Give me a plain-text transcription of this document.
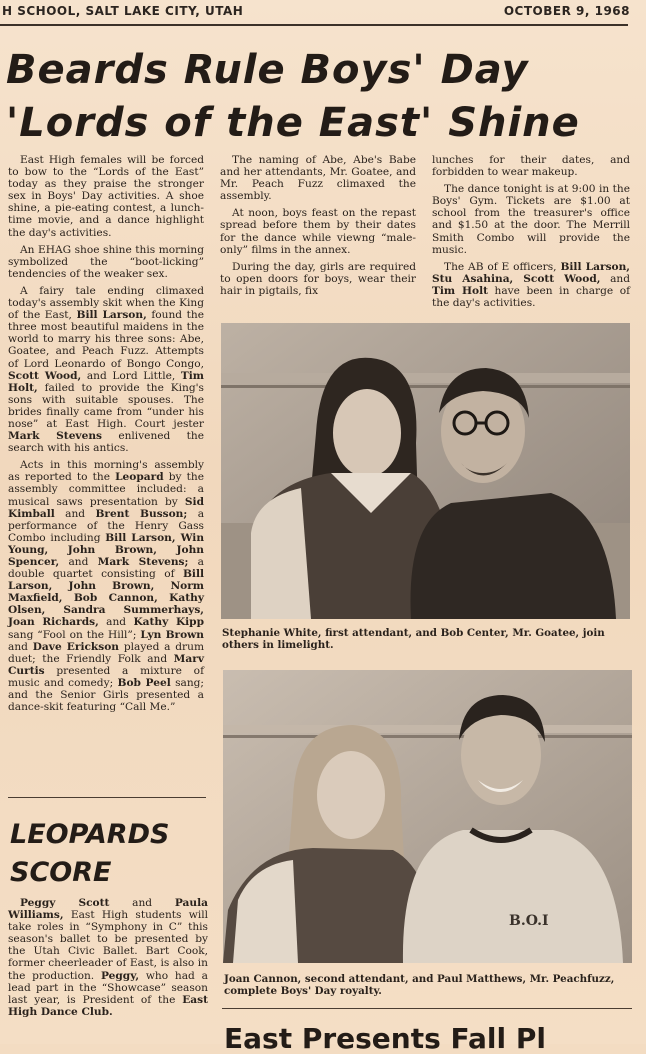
H SCHOOL, SALT LAKE CITY, UTAH	OCTOBER 9, 1968
Beards Rule Boys' Day
'Lords of the East' Shine

East High females will be forced to bow to the “Lords of the East” today as they praise the stronger sex in Boys' Day activities. A shoe shine, a pie-eating contest, a lunch-time movie, and a dance highlight the day's activities.

An EHAG shoe shine this morning symbolized the “boot-licking” tendencies of the weaker sex.

A fairy tale ending climaxed today's assembly skit when the King of the East, Bill Larson, found the three most beautiful maidens in the world to marry his three sons: Abe, Goatee, and Peach Fuzz. Attempts of Lord Leonardo of Bongo Congo, Scott Wood, and Lord Little, Tim Holt, failed to provide the King's sons with suitable spouses. The brides finally came from “under his nose” at East High. Court jester Mark Stevens enlivened the search with his antics.

Acts in this morning's assembly as reported to the Leopard by the assembly committee included: a musical saws presentation by Sid Kimball and Brent Busson; a performance of the Henry Gass Combo including Bill Larson, Win Young, John Brown, John Spencer, and Mark Stevens; a double quartet consisting of Bill Larson, John Brown, Norm Maxfield, Bob Cannon, Kathy Olsen, Sandra Summerhays, Joan Richards, and Kathy Kipp sang “Fool on the Hill”; Lyn Brown and Dave Erickson played a drum duet; the Friendly Folk and Marv Curtis presented a mixture of music and comedy; Bob Peel sang; and the Senior Girls presented a dance-skit featuring “Call Me.”

The naming of Abe, Abe's Babe and her attendants, Mr. Goatee, and Mr. Peach Fuzz climaxed the assembly.

At noon, boys feast on the repast spread before them by their dates for the dance while viewng “male-only” films in the annex.

During the day, girls are required to open doors for boys, wear their hair in pigtails, fix

lunches for their dates, and forbidden to wear makeup.

The dance tonight is at 9:00 in the Boys' Gym. Tickets are $1.00 at school from the treasurer's office and $1.50 at the door. The Merrill Smith Combo will provide the music.

The AB of E officers, Bill Larson, Stu Asahina, Scott Wood, and Tim Holt have been in charge of the day's activities.

LEOPARDS
SCORE

Peggy Scott and Paula Williams, East High students will take roles in “Symphony in C” this season's ballet to be presented by the Utah Civic Ballet. Bart Cook, former cheerleader of East, is also in the production. Peggy, who had a lead part in the “Showcase” season last year, is President of the East High Dance Club.

Stephanie White, first attendant, and Bob Center, Mr. Goatee, join others in limelight.
B.O.I
Joan Cannon, second attendant, and Paul Matthews, Mr. Peachfuzz, complete Boys' Day royalty.
East Presents Fall Pl
